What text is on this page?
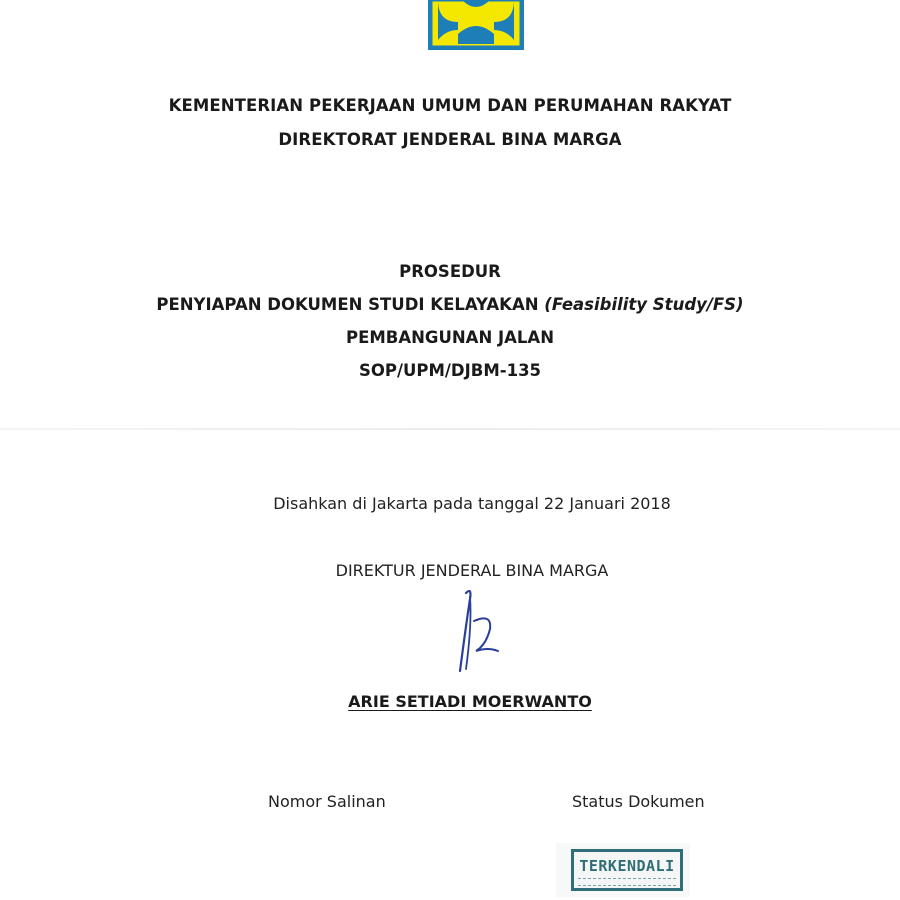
KEMENTERIAN PEKERJAAN UMUM DAN PERUMAHAN RAKYAT
DIREKTORAT JENDERAL BINA MARGA
PROSEDUR
PENYIAPAN DOKUMEN STUDI KELAYAKAN (Feasibility Study/FS)
PEMBANGUNAN JALAN
SOP/UPM/DJBM-135
Disahkan di Jakarta pada tanggal 22 Januari 2018
DIREKTUR JENDERAL BINA MARGA
ARIE SETIADI MOERWANTO
Nomor Salinan	Status Dokumen
TERKENDALI
